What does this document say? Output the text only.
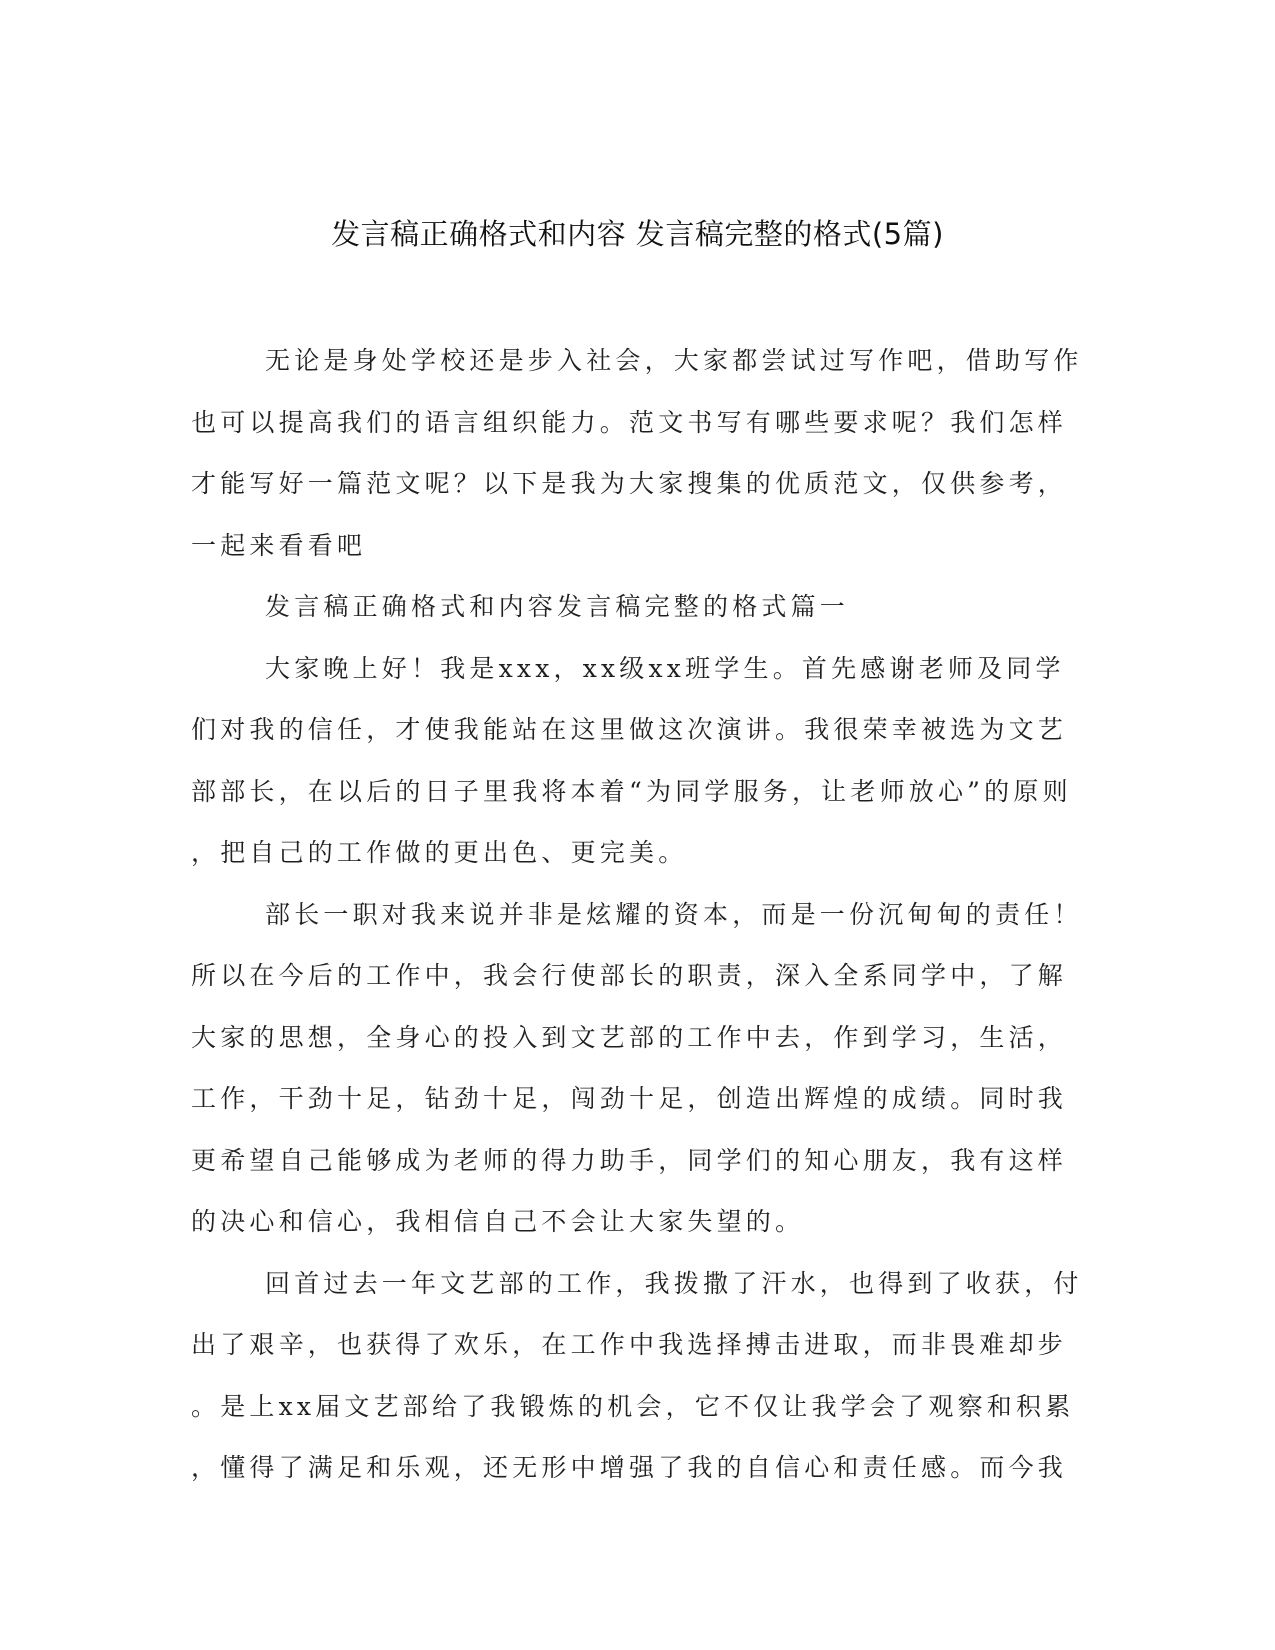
发言稿正确格式和内容 发言稿完整的格式(5篇)
无论是身处学校还是步入社会，大家都尝试过写作吧，借助写作
也可以提高我们的语言组织能力。范文书写有哪些要求呢？我们怎样
才能写好一篇范文呢？以下是我为大家搜集的优质范文，仅供参考，
一起来看看吧
发言稿正确格式和内容发言稿完整的格式篇一
大家晚上好！我是xxx，xx级xx班学生。首先感谢老师及同学
们对我的信任，才使我能站在这里做这次演讲。我很荣幸被选为文艺
部部长，在以后的日子里我将本着“为同学服务，让老师放心”的原则
，把自己的工作做的更出色、更完美。
部长一职对我来说并非是炫耀的资本，而是一份沉甸甸的责任！
所以在今后的工作中，我会行使部长的职责，深入全系同学中，了解
大家的思想，全身心的投入到文艺部的工作中去，作到学习，生活，
工作，干劲十足，钻劲十足，闯劲十足，创造出辉煌的成绩。同时我
更希望自己能够成为老师的得力助手，同学们的知心朋友，我有这样
的决心和信心，我相信自己不会让大家失望的。
回首过去一年文艺部的工作，我拨撒了汗水，也得到了收获，付
出了艰辛，也获得了欢乐，在工作中我选择搏击进取，而非畏难却步
。是上xx届文艺部给了我锻炼的机会，它不仅让我学会了观察和积累
，懂得了满足和乐观，还无形中增强了我的自信心和责任感。而今我
